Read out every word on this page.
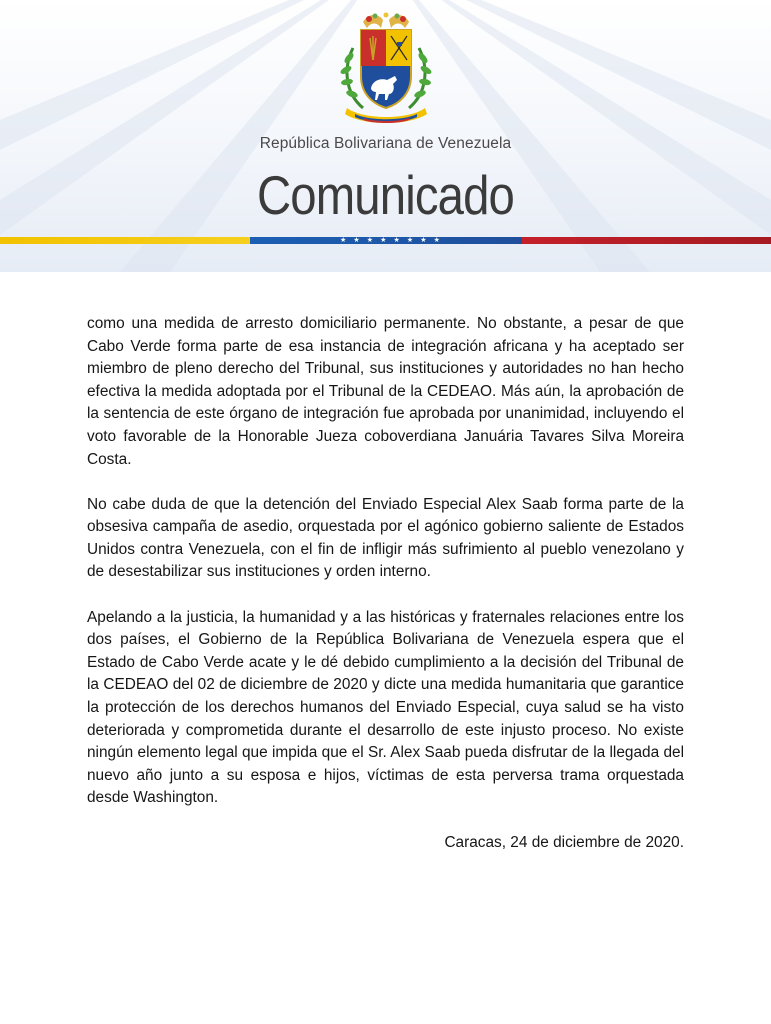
República Bolivariana de Venezuela
Comunicado
★ ★ ★ ★ ★ ★ ★ ★

como una medida de arresto domiciliario permanente. No obstante, a pesar de que Cabo Verde forma parte de esa instancia de integración africana y ha aceptado ser miembro de pleno derecho del Tribunal, sus instituciones y autoridades no han hecho efectiva la medida adoptada por el Tribunal de la CEDEAO. Más aún, la aprobación de la sentencia de este órgano de integración fue aprobada por unanimidad, incluyendo el voto favorable de la Honorable Jueza coboverdiana Januária Tavares Silva Moreira Costa.

No cabe duda de que la detención del Enviado Especial Alex Saab forma parte de la obsesiva campaña de asedio, orquestada por el agónico gobierno saliente de Estados Unidos contra Venezuela, con el fin de infligir más sufrimiento al pueblo venezolano y de desestabilizar sus instituciones y orden interno.

Apelando a la justicia, la humanidad y a las históricas y fraternales relaciones entre los dos países, el Gobierno de la República Bolivariana de Venezuela espera que el Estado de Cabo Verde acate y le dé debido cumplimiento a la decisión del Tribunal de la CEDEAO del 02 de diciembre de 2020 y dicte una medida humanitaria que garantice la protección de los derechos humanos del Enviado Especial, cuya salud se ha visto deteriorada y comprometida durante el desarrollo de este injusto proceso. No existe ningún elemento legal que impida que el Sr. Alex Saab pueda disfrutar de la llegada del nuevo año junto a su esposa e hijos, víctimas de esta perversa trama orquestada desde Washington.

Caracas, 24 de diciembre de 2020.
